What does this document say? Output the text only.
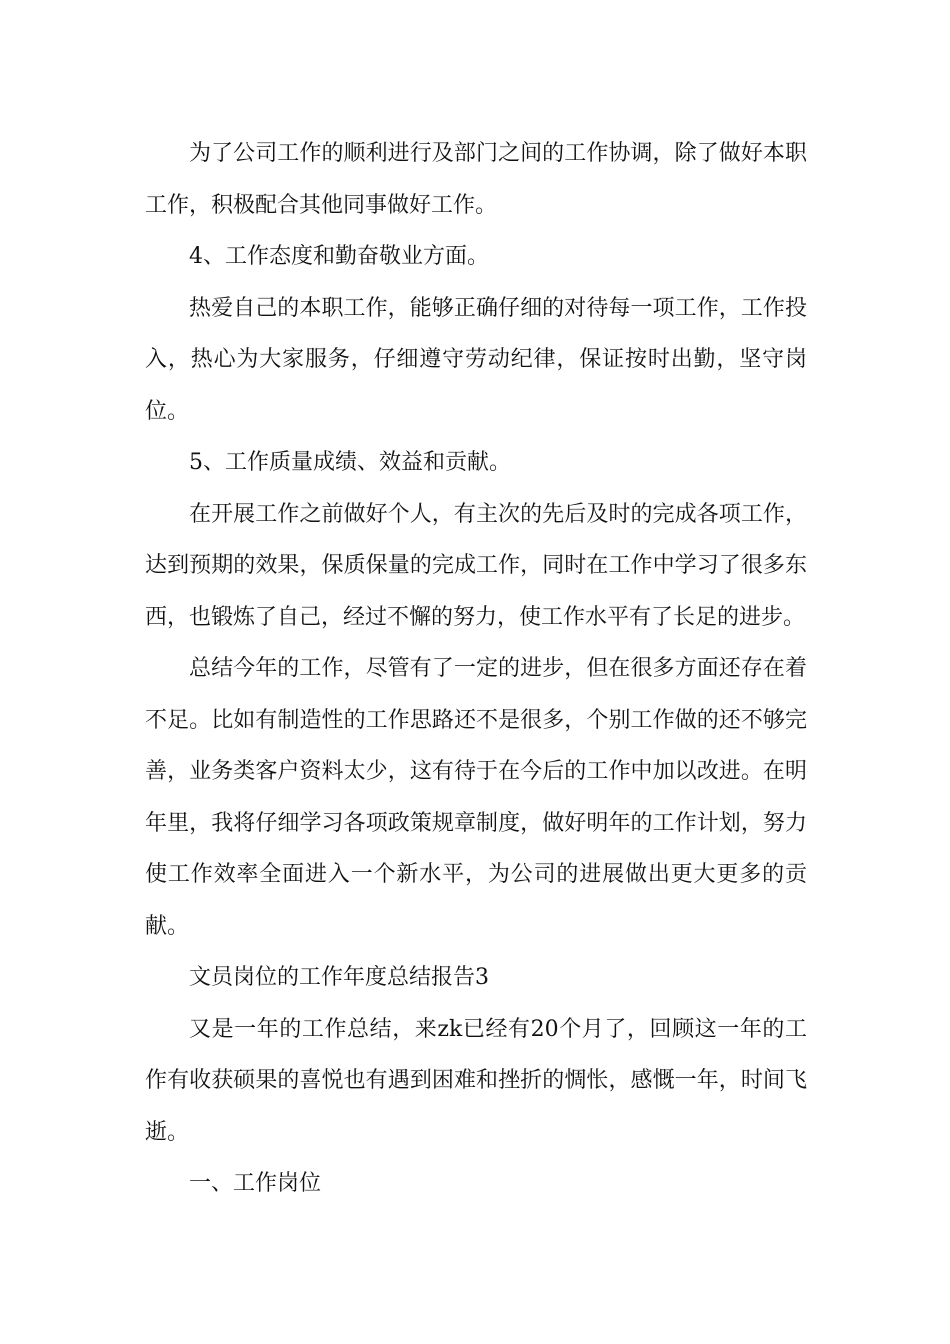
为了公司工作的顺利进行及部门之间的工作协调，除了做好本职工作，积极配合其他同事做好工作。

4、工作态度和勤奋敬业方面。

热爱自己的本职工作，能够正确仔细的对待每一项工作，工作投入，热心为大家服务，仔细遵守劳动纪律，保证按时出勤，坚守岗位。

5、工作质量成绩、效益和贡献。

在开展工作之前做好个人，有主次的先后及时的完成各项工作，达到预期的效果，保质保量的完成工作，同时在工作中学习了很多东西，也锻炼了自己，经过不懈的努力，使工作水平有了长足的进步。

总结今年的工作，尽管有了一定的进步，但在很多方面还存在着不足。比如有制造性的工作思路还不是很多，个别工作做的还不够完善，业务类客户资料太少，这有待于在今后的工作中加以改进。在明年里，我将仔细学习各项政策规章制度，做好明年的工作计划，努力使工作效率全面进入一个新水平，为公司的进展做出更大更多的贡献。

文员岗位的工作年度总结报告3

又是一年的工作总结，来zk已经有20个月了，回顾这一年的工作有收获硕果的喜悦也有遇到困难和挫折的惆怅，感慨一年，时间飞逝。

一、工作岗位
